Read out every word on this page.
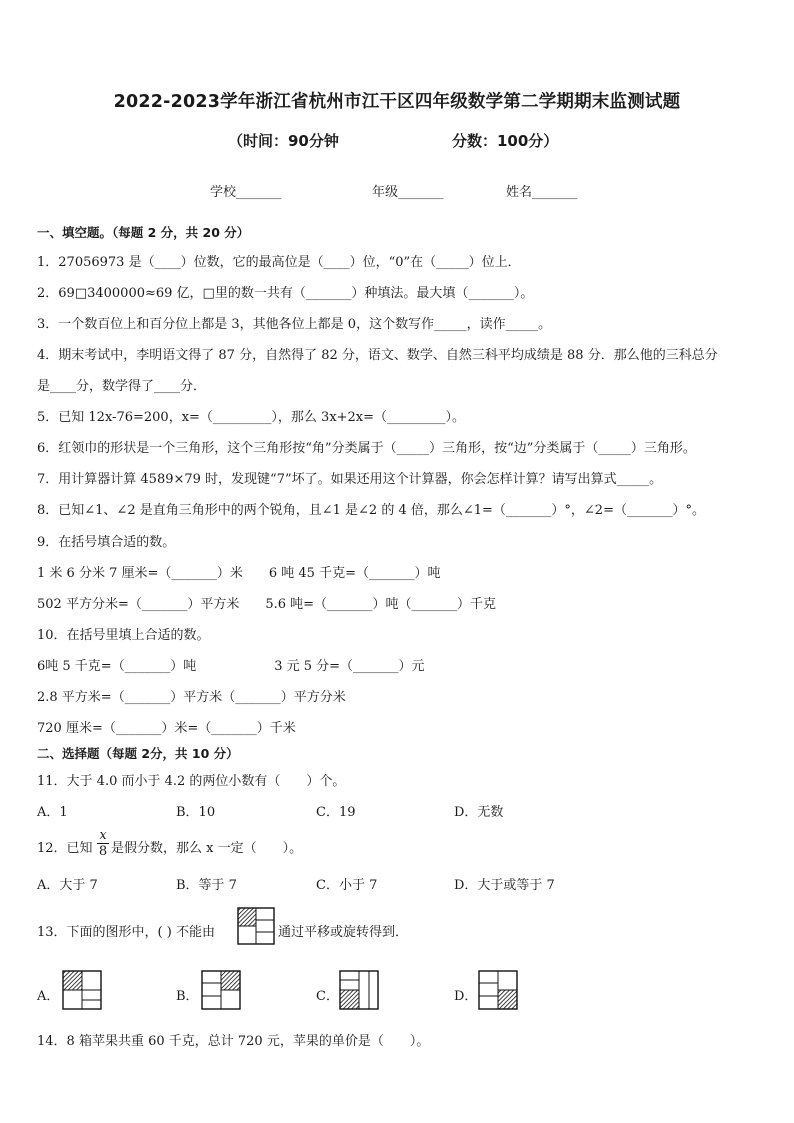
2022-2023学年浙江省杭州市江干区四年级数学第二学期期末监测试题
（时间：90分钟	分数：100分）
学校_______	年级_______	姓名_______
一、填空题。（每题 2 分，共 20 分）
1．27056973 是（____）位数，它的最高位是（____）位，“0”在（_____）位上．
2．69□3400000≈69 亿，□里的数一共有（_______）种填法。最大填（_______）。
3．一个数百位上和百分位上都是 3，其他各位上都是 0，这个数写作_____，读作_____。
4．期末考试中，李明语文得了 87 分，自然得了 82 分，语文、数学、自然三科平均成绩是 88 分．那么他的三科总分
是____分，数学得了____分．
5．已知 12x-76=200，x=（_________），那么 3x+2x=（_________）。
6．红领巾的形状是一个三角形，这个三角形按“角”分类属于（_____）三角形，按“边”分类属于（_____）三角形。
7．用计算器计算 4589×79 时，发现键“7”坏了。如果还用这个计算器，你会怎样计算？请写出算式_____。
8．已知∠1、∠2 是直角三角形中的两个锐角，且∠1 是∠2 的 4 倍，那么∠1=（_______）°，∠2=（_______）°。
9．在括号填合适的数。
1 米 6 分米 7 厘米=（_______）米　　6 吨 45 千克=（_______）吨
502 平方分米=（_______）平方米　　5.6 吨=（_______）吨（_______）千克
10．在括号里填上合适的数。
6吨 5 千克=（_______）吨　　　　　　3 元 5 分=（_______）元
2.8 平方米=（_______）平方米（_______）平方分米
720 厘米=（_______）米=（_______）千米
二、选择题（每题 2分，共 10 分）
11．大于 4.0 而小于 4.2 的两位小数有（　　）个。
A．1	B．10	C．19	D．无数
12．已知
x
8 是假分数，那么 x 一定（　　）。
A．大于 7	B．等于 7	C．小于 7	D．大于或等于 7
13．下面的图形中，( ) 不能由	通过平移或旋转得到．
A．	B．	C．	D．
14．8 箱苹果共重 60 千克，总计 720 元，苹果的单价是（　　）。
